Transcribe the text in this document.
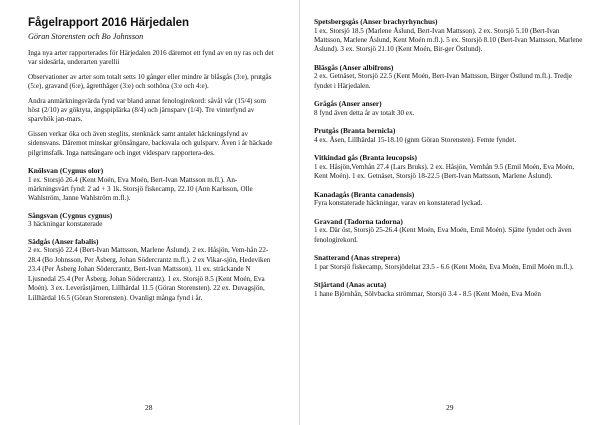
Fågelrapport 2016 Härjedalen
Göran Storensten och Bo Johnsson

Inga nya arter rapporterades för Härjedalen 2016 däremot ett fynd av en ny ras och det var sidesärla, underarten yarellii

Observationer av arter som totalt setts 10 gånger eller mindre är blåsgås (3:e), prutgås (5:e), gravand (6:e), ägretthäger (3:e) och sothöna (3:e och 4:e).

Andra anmärkningsvärda fynd var bland annat fenologirekord: såvål vår (15/4) som höst (2/10) av göktyta, ängspiplärka (8/4) och järnsparv (1/4). Tre vinterfynd av sparvhök jan-mars.

Gissen verkar öka och även steglits, stenknäck samt antalet häckningsfynd av sidensvans. Däremot minskar grönsångare, backsvala och gulsparv. Även i år häckade pilgrimsfalk. Inga nattsångare och inget videsparv rapportera-des.

Knölsvan (Cygnus olor)
1 ex. Storsjö 26.4 (Kent Moén, Eva Moén, Bert-Ivan Mattsson m.fl.). An-märkningsvärt fynd: 2 ad + 3 1k. Storsjö fiskecamp, 22.10 (Ann Karlsson, Olle Wahlström, Janne Wahlström m.fl.).
Sångsvan (Cygnus cygnus)
3 häckningar konstaterade
Sädgås (Anser fabalis)
2 ex. Storsjö 22.4 (Bert-Ivan Mattsson, Marlene Åslund). 2 ex. Håsjön, Vem-hån 22-28.4 (Bo Johnsson, Per Åsberg, Johan Södercrantz m.fl.). 2 ex Vikar-sjön, Hedeviken 23.4 (Per Åsberg Johan Södercrantz, Bert-Ivan Mattsson). 11 ex. sträckande N Ljusnedal 25.4 (Per Åsberg, Johan Södercrantz). 1 ex. Storsjö 8.5 (Kent Moén, Eva Moén). 3 ex. Leveråstjärnen, Lillhärdal 11.5 (Göran Storensten). 22 ex. Duvagsjön, Lillhärdal 16.5 (Göran Storensten). Ovanligt många fynd i år.
Spetsbergsgås (Anser brachyrhynchus)
1 ex. Storsjö 18.5 (Marlene Åslund, Bert-Ivan Mattsson). 2 ex. Storsjö 5.10 (Bert-Ivan Mattsson, Marlene Åslund, Kent Moén m.fl.). 5 ex. Storsjö 8.10 (Bert-Ivan Mattsson, Marlene Åslund). 3 ex. Storsjö 21.10 (Kent Moén, Bir-ger Östlund).
Bläsgås (Anser albifrons)
2 ex. Getnäset, Storsjö 22.5 (Kent Moén, Bert-Ivan Mattsson, Birger Östlund m.fl.). Tredje fyndet i Härjedalen.
Grågås (Anser anser)
8 fynd även detta år av totalt 30 ex.
Prutgås (Branta bernicla)
4 ex. Åsen, Lillhärdal 15-18.10 (gnm Göran Storensten). Femte fyndet.
Vitkindad gås (Branta leucopsis)
1 ex. Håsjön,Vemhån 27.4 (Lars Bruks). 2 ex. Håsjön, Vemhån 9.5 (Emil Moén, Eva Moén, Kent Moén). 1 ex. Getnäset, Storsjö 18-22.5 (Bert-Ivan Mattsson, Marlene Åslund).
Kanadagås (Branta canadensis)
Fyra konstaterade häckningar, varav en konstaterad lyckad.
Gravand (Tadorna tadorna)
1 ex. Där öst, Storsjö 25-26.4 (Kent Moén, Eva Moén, Emil Moén). Sjätte fyndet och även fenologirekord.
Snatterand (Anas strepera)
1 par Storsjö fiskecamp, Storsjödeltat 23.5 - 6.6 (Kent Moén, Eva Moén, Emil Moén m.fl.).
Stjärtand (Anas acuta)
1 hane Björnhån, Sölvbacka strömmar, Storsjö 3.4 - 8.5 (Kent Moén, Eva Moén
28	29
